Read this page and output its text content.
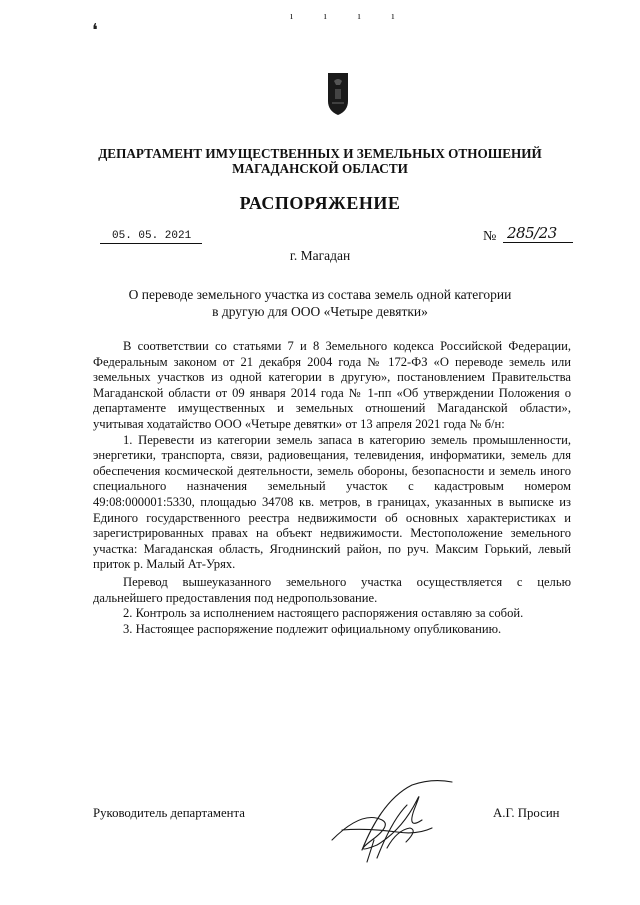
❛
ı ı ı ı
ДЕПАРТАМЕНТ ИМУЩЕСТВЕННЫХ И ЗЕМЕЛЬНЫХ ОТНОШЕНИЙ
МАГАДАНСКОЙ ОБЛАСТИ
РАСПОРЯЖЕНИЕ
05. 05. 2021	№ 285/23
г. Магадан
О переводе земельного участка из состава земель одной категории
в другую для ООО «Четыре девятки»

В соответствии со статьями 7 и 8 Земельного кодекса Российской Федерации, Федеральным законом от 21 декабря 2004 года № 172-ФЗ «О переводе земель или земельных участков из одной категории в другую», постановлением Правительства Магаданской области от 09 января 2014 года № 1-пп «Об утверждении Положения о департаменте имущественных и земельных отношений Магаданской области», учитывая ходатайство ООО «Четыре девятки» от 13 апреля 2021 года № б/н:

1. Перевести из категории земель запаса в категорию земель промышленности, энергетики, транспорта, связи, радиовещания, телевидения, информатики, земель для обеспечения космической деятельности, земель обороны, безопасности и земель иного специального назначения земельный участок с кадастровым номером 49:08:000001:5330, площадью 34708 кв. метров, в границах, указанных в выписке из Единого государственного реестра недвижимости об основных характеристиках и зарегистрированных правах на объект недвижимости. Местоположение земельного участка: Магаданская область, Ягоднинский район, по руч. Максим Горький, левый приток р. Малый Ат-Урях.

Перевод вышеуказанного земельного участка осуществляется с целью дальнейшего предоставления под недропользование.

2. Контроль за исполнением настоящего распоряжения оставляю за собой.

3. Настоящее распоряжение подлежит официальному опубликованию.

Руководитель департамента	А.Г. Просин
